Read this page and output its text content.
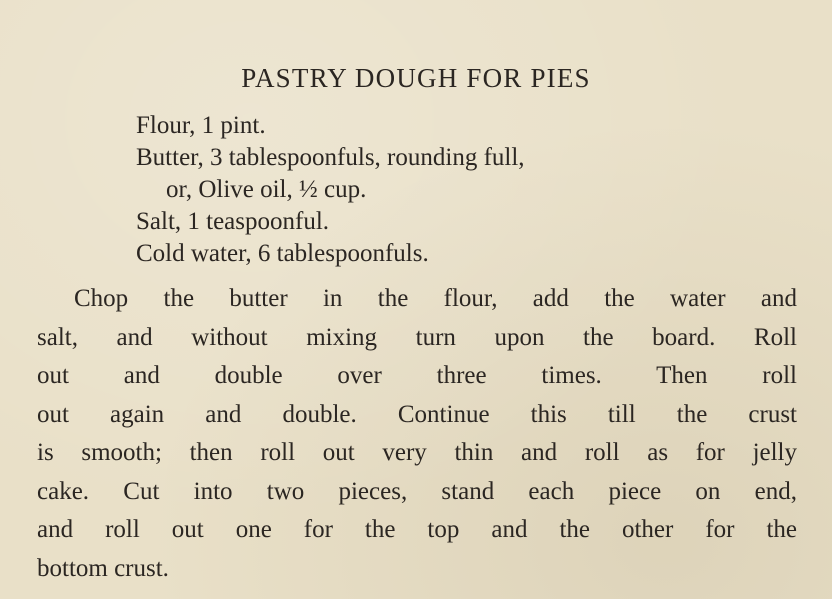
PASTRY DOUGH FOR PIES
Flour, 1 pint.
Butter, 3 tablespoonfuls, rounding full,
or, Olive oil, ½ cup.
Salt, 1 teaspoonful.
Cold water, 6 tablespoonfuls.
Chop the butter in the flour, add the water and
salt, and without mixing turn upon the board. Roll
out and double over three times. Then roll
out again and double. Continue this till the crust
is smooth; then roll out very thin and roll as for jelly
cake. Cut into two pieces, stand each piece on end,
and roll out one for the top and the other for the
bottom crust.
